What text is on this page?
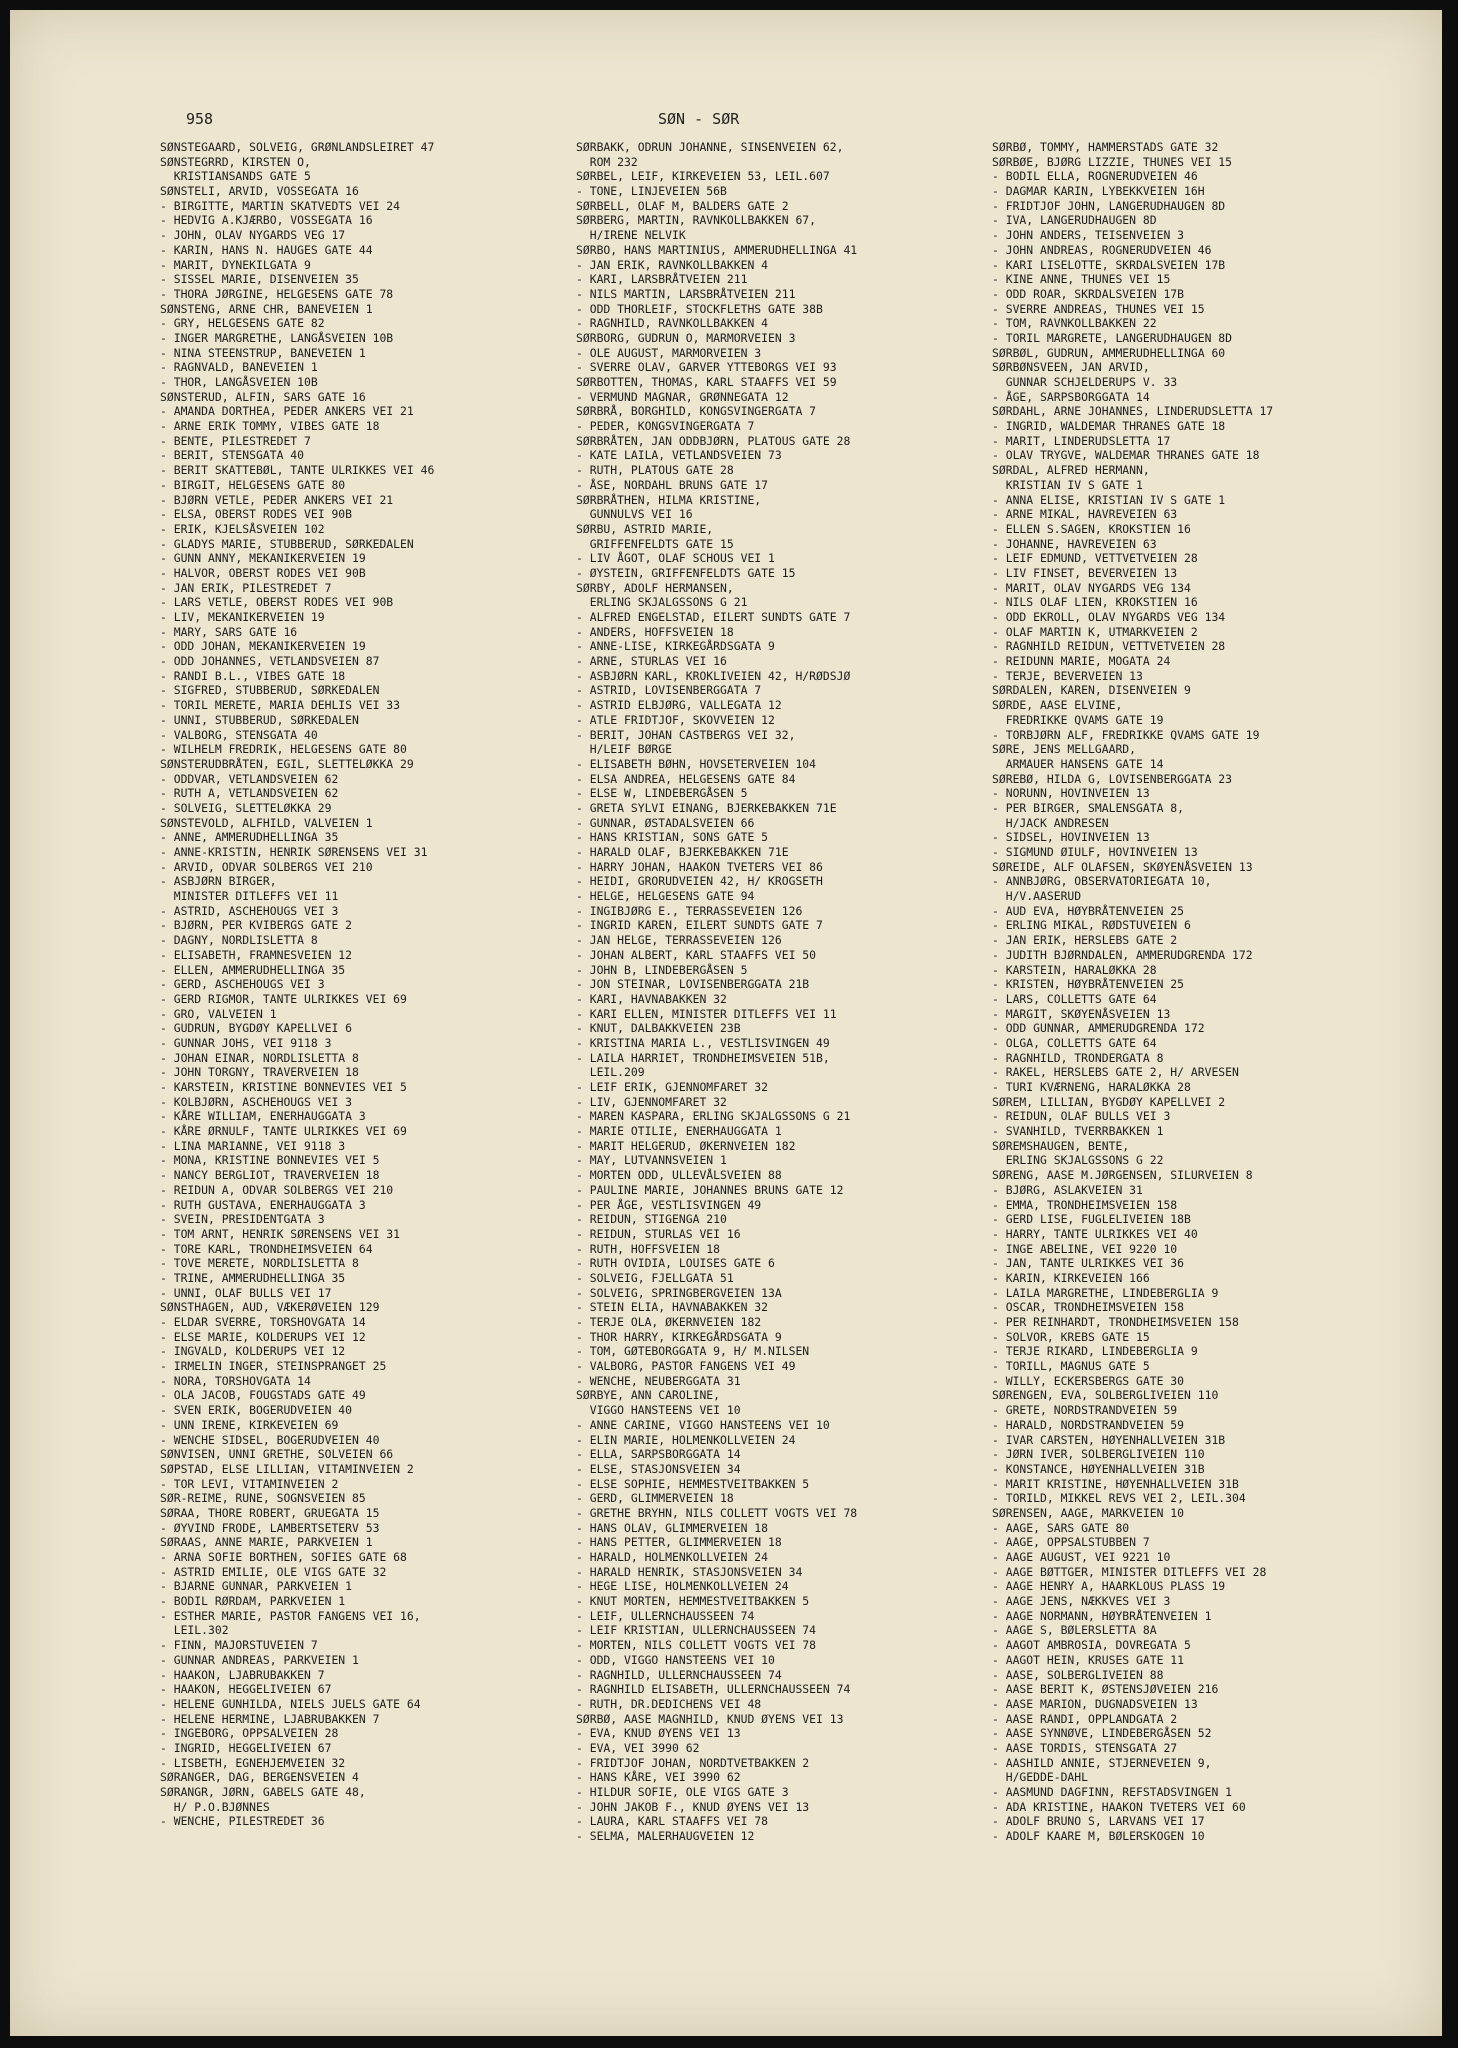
958	SØN - SØR
SØNSTEGAARD, SOLVEIG, GRØNLANDSLEIRET 47
SØNSTEGRRD, KIRSTEN O,
KRISTIANSANDS GATE 5
SØNSTELI, ARVID, VOSSEGATA 16
- BIRGITTE, MARTIN SKATVEDTS VEI 24
- HEDVIG A.KJÆRBO, VOSSEGATA 16
- JOHN, OLAV NYGARDS VEG 17
- KARIN, HANS N. HAUGES GATE 44
- MARIT, DYNEKILGATA 9
- SISSEL MARIE, DISENVEIEN 35
- THORA JØRGINE, HELGESENS GATE 78
SØNSTENG, ARNE CHR, BANEVEIEN 1
- GRY, HELGESENS GATE 82
- INGER MARGRETHE, LANGÅSVEIEN 10B
- NINA STEENSTRUP, BANEVEIEN 1
- RAGNVALD, BANEVEIEN 1
- THOR, LANGÅSVEIEN 10B
SØNSTERUD, ALFIN, SARS GATE 16
- AMANDA DORTHEA, PEDER ANKERS VEI 21
- ARNE ERIK TOMMY, VIBES GATE 18
- BENTE, PILESTREDET 7
- BERIT, STENSGATA 40
- BERIT SKATTEBØL, TANTE ULRIKKES VEI 46
- BIRGIT, HELGESENS GATE 80
- BJØRN VETLE, PEDER ANKERS VEI 21
- ELSA, OBERST RODES VEI 90B
- ERIK, KJELSÅSVEIEN 102
- GLADYS MARIE, STUBBERUD, SØRKEDALEN
- GUNN ANNY, MEKANIKERVEIEN 19
- HALVOR, OBERST RODES VEI 90B
- JAN ERIK, PILESTREDET 7
- LARS VETLE, OBERST RODES VEI 90B
- LIV, MEKANIKERVEIEN 19
- MARY, SARS GATE 16
- ODD JOHAN, MEKANIKERVEIEN 19
- ODD JOHANNES, VETLANDSVEIEN 87
- RANDI B.L., VIBES GATE 18
- SIGFRED, STUBBERUD, SØRKEDALEN
- TORIL MERETE, MARIA DEHLIS VEI 33
- UNNI, STUBBERUD, SØRKEDALEN
- VALBORG, STENSGATA 40
- WILHELM FREDRIK, HELGESENS GATE 80
SØNSTERUDBRÅTEN, EGIL, SLETTELØKKA 29
- ODDVAR, VETLANDSVEIEN 62
- RUTH A, VETLANDSVEIEN 62
- SOLVEIG, SLETTELØKKA 29
SØNSTEVOLD, ALFHILD, VALVEIEN 1
- ANNE, AMMERUDHELLINGA 35
- ANNE-KRISTIN, HENRIK SØRENSENS VEI 31
- ARVID, ODVAR SOLBERGS VEI 210
- ASBJØRN BIRGER,
MINISTER DITLEFFS VEI 11
- ASTRID, ASCHEHOUGS VEI 3
- BJØRN, PER KVIBERGS GATE 2
- DAGNY, NORDLISLETTA 8
- ELISABETH, FRAMNESVEIEN 12
- ELLEN, AMMERUDHELLINGA 35
- GERD, ASCHEHOUGS VEI 3
- GERD RIGMOR, TANTE ULRIKKES VEI 69
- GRO, VALVEIEN 1
- GUDRUN, BYGDØY KAPELLVEI 6
- GUNNAR JOHS, VEI 9118 3
- JOHAN EINAR, NORDLISLETTA 8
- JOHN TORGNY, TRAVERVEIEN 18
- KARSTEIN, KRISTINE BONNEVIES VEI 5
- KOLBJØRN, ASCHEHOUGS VEI 3
- KÅRE WILLIAM, ENERHAUGGATA 3
- KÅRE ØRNULF, TANTE ULRIKKES VEI 69
- LINA MARIANNE, VEI 9118 3
- MONA, KRISTINE BONNEVIES VEI 5
- NANCY BERGLIOT, TRAVERVEIEN 18
- REIDUN A, ODVAR SOLBERGS VEI 210
- RUTH GUSTAVA, ENERHAUGGATA 3
- SVEIN, PRESIDENTGATA 3
- TOM ARNT, HENRIK SØRENSENS VEI 31
- TORE KARL, TRONDHEIMSVEIEN 64
- TOVE MERETE, NORDLISLETTA 8
- TRINE, AMMERUDHELLINGA 35
- UNNI, OLAF BULLS VEI 17
SØNSTHAGEN, AUD, VÆKERØVEIEN 129
- ELDAR SVERRE, TORSHOVGATA 14
- ELSE MARIE, KOLDERUPS VEI 12
- INGVALD, KOLDERUPS VEI 12
- IRMELIN INGER, STEINSPRANGET 25
- NORA, TORSHOVGATA 14
- OLA JACOB, FOUGSTADS GATE 49
- SVEN ERIK, BOGERUDVEIEN 40
- UNN IRENE, KIRKEVEIEN 69
- WENCHE SIDSEL, BOGERUDVEIEN 40
SØNVISEN, UNNI GRETHE, SOLVEIEN 66
SØPSTAD, ELSE LILLIAN, VITAMINVEIEN 2
- TOR LEVI, VITAMINVEIEN 2
SØR-REIME, RUNE, SOGNSVEIEN 85
SØRAA, THORE ROBERT, GRUEGATA 15
- ØYVIND FRODE, LAMBERTSETERV 53
SØRAAS, ANNE MARIE, PARKVEIEN 1
- ARNA SOFIE BORTHEN, SOFIES GATE 68
- ASTRID EMILIE, OLE VIGS GATE 32
- BJARNE GUNNAR, PARKVEIEN 1
- BODIL RØRDAM, PARKVEIEN 1
- ESTHER MARIE, PASTOR FANGENS VEI 16,
LEIL.302
- FINN, MAJORSTUVEIEN 7
- GUNNAR ANDREAS, PARKVEIEN 1
- HAAKON, LJABRUBAKKEN 7
- HAAKON, HEGGELIVEIEN 67
- HELENE GUNHILDA, NIELS JUELS GATE 64
- HELENE HERMINE, LJABRUBAKKEN 7
- INGEBORG, OPPSALVEIEN 28
- INGRID, HEGGELIVEIEN 67
- LISBETH, EGNEHJEMVEIEN 32
SØRANGER, DAG, BERGENSVEIEN 4
SØRANGR, JØRN, GABELS GATE 48,
H/ P.O.BJØNNES
- WENCHE, PILESTREDET 36
SØRBAKK, ODRUN JOHANNE, SINSENVEIEN 62,
ROM 232
SØRBEL, LEIF, KIRKEVEIEN 53, LEIL.607
- TONE, LINJEVEIEN 56B
SØRBELL, OLAF M, BALDERS GATE 2
SØRBERG, MARTIN, RAVNKOLLBAKKEN 67,
H/IRENE NELVIK
SØRBO, HANS MARTINIUS, AMMERUDHELLINGA 41
- JAN ERIK, RAVNKOLLBAKKEN 4
- KARI, LARSBRÅTVEIEN 211
- NILS MARTIN, LARSBRÅTVEIEN 211
- ODD THORLEIF, STOCKFLETHS GATE 38B
- RAGNHILD, RAVNKOLLBAKKEN 4
SØRBORG, GUDRUN O, MARMORVEIEN 3
- OLE AUGUST, MARMORVEIEN 3
- SVERRE OLAV, GARVER YTTEBORGS VEI 93
SØRBOTTEN, THOMAS, KARL STAAFFS VEI 59
- VERMUND MAGNAR, GRØNNEGATA 12
SØRBRÅ, BORGHILD, KONGSVINGERGATA 7
- PEDER, KONGSVINGERGATA 7
SØRBRÅTEN, JAN ODDBJØRN, PLATOUS GATE 28
- KATE LAILA, VETLANDSVEIEN 73
- RUTH, PLATOUS GATE 28
- ÅSE, NORDAHL BRUNS GATE 17
SØRBRÅTHEN, HILMA KRISTINE,
GUNNULVS VEI 16
SØRBU, ASTRID MARIE,
GRIFFENFELDTS GATE 15
- LIV ÅGOT, OLAF SCHOUS VEI 1
- ØYSTEIN, GRIFFENFELDTS GATE 15
SØRBY, ADOLF HERMANSEN,
ERLING SKJALGSSONS G 21
- ALFRED ENGELSTAD, EILERT SUNDTS GATE 7
- ANDERS, HOFFSVEIEN 18
- ANNE-LISE, KIRKEGÅRDSGATA 9
- ARNE, STURLAS VEI 16
- ASBJØRN KARL, KROKLIVEIEN 42, H/RØDSJØ
- ASTRID, LOVISENBERGGATA 7
- ASTRID ELBJØRG, VALLEGATA 12
- ATLE FRIDTJOF, SKOVVEIEN 12
- BERIT, JOHAN CASTBERGS VEI 32,
H/LEIF BØRGE
- ELISABETH BØHN, HOVSETERVEIEN 104
- ELSA ANDREA, HELGESENS GATE 84
- ELSE W, LINDEBERGÅSEN 5
- GRETA SYLVI EINANG, BJERKEBAKKEN 71E
- GUNNAR, ØSTADALSVEIEN 66
- HANS KRISTIAN, SONS GATE 5
- HARALD OLAF, BJERKEBAKKEN 71E
- HARRY JOHAN, HAAKON TVETERS VEI 86
- HEIDI, GRORUDVEIEN 42, H/ KROGSETH
- HELGE, HELGESENS GATE 94
- INGIBJØRG E., TERRASSEVEIEN 126
- INGRID KAREN, EILERT SUNDTS GATE 7
- JAN HELGE, TERRASSEVEIEN 126
- JOHAN ALBERT, KARL STAAFFS VEI 50
- JOHN B, LINDEBERGÅSEN 5
- JON STEINAR, LOVISENBERGGATA 21B
- KARI, HAVNABAKKEN 32
- KARI ELLEN, MINISTER DITLEFFS VEI 11
- KNUT, DALBAKKVEIEN 23B
- KRISTINA MARIA L., VESTLISVINGEN 49
- LAILA HARRIET, TRONDHEIMSVEIEN 51B,
LEIL.209
- LEIF ERIK, GJENNOMFARET 32
- LIV, GJENNOMFARET 32
- MAREN KASPARA, ERLING SKJALGSSONS G 21
- MARIE OTILIE, ENERHAUGGATA 1
- MARIT HELGERUD, ØKERNVEIEN 182
- MAY, LUTVANNSVEIEN 1
- MORTEN ODD, ULLEVÅLSVEIEN 88
- PAULINE MARIE, JOHANNES BRUNS GATE 12
- PER ÅGE, VESTLISVINGEN 49
- REIDUN, STIGENGA 210
- REIDUN, STURLAS VEI 16
- RUTH, HOFFSVEIEN 18
- RUTH OVIDIA, LOUISES GATE 6
- SOLVEIG, FJELLGATA 51
- SOLVEIG, SPRINGBERGVEIEN 13A
- STEIN ELIA, HAVNABAKKEN 32
- TERJE OLA, ØKERNVEIEN 182
- THOR HARRY, KIRKEGÅRDSGATA 9
- TOM, GØTEBORGGATA 9, H/ M.NILSEN
- VALBORG, PASTOR FANGENS VEI 49
- WENCHE, NEUBERGGATA 31
SØRBYE, ANN CAROLINE,
VIGGO HANSTEENS VEI 10
- ANNE CARINE, VIGGO HANSTEENS VEI 10
- ELIN MARIE, HOLMENKOLLVEIEN 24
- ELLA, SARPSBORGGATA 14
- ELSE, STASJONSVEIEN 34
- ELSE SOPHIE, HEMMESTVEITBAKKEN 5
- GERD, GLIMMERVEIEN 18
- GRETHE BRYHN, NILS COLLETT VOGTS VEI 78
- HANS OLAV, GLIMMERVEIEN 18
- HANS PETTER, GLIMMERVEIEN 18
- HARALD, HOLMENKOLLVEIEN 24
- HARALD HENRIK, STASJONSVEIEN 34
- HEGE LISE, HOLMENKOLLVEIEN 24
- KNUT MORTEN, HEMMESTVEITBAKKEN 5
- LEIF, ULLERNCHAUSSEEN 74
- LEIF KRISTIAN, ULLERNCHAUSSEEN 74
- MORTEN, NILS COLLETT VOGTS VEI 78
- ODD, VIGGO HANSTEENS VEI 10
- RAGNHILD, ULLERNCHAUSSEEN 74
- RAGNHILD ELISABETH, ULLERNCHAUSSEEN 74
- RUTH, DR.DEDICHENS VEI 48
SØRBØ, AASE MAGNHILD, KNUD ØYENS VEI 13
- EVA, KNUD ØYENS VEI 13
- EVA, VEI 3990 62
- FRIDTJOF JOHAN, NORDTVETBAKKEN 2
- HANS KÅRE, VEI 3990 62
- HILDUR SOFIE, OLE VIGS GATE 3
- JOHN JAKOB F., KNUD ØYENS VEI 13
- LAURA, KARL STAAFFS VEI 78
- SELMA, MALERHAUGVEIEN 12
SØRBØ, TOMMY, HAMMERSTADS GATE 32
SØRBØE, BJØRG LIZZIE, THUNES VEI 15
- BODIL ELLA, ROGNERUDVEIEN 46
- DAGMAR KARIN, LYBEKKVEIEN 16H
- FRIDTJOF JOHN, LANGERUDHAUGEN 8D
- IVA, LANGERUDHAUGEN 8D
- JOHN ANDERS, TEISENVEIEN 3
- JOHN ANDREAS, ROGNERUDVEIEN 46
- KARI LISELOTTE, SKRDALSVEIEN 17B
- KINE ANNE, THUNES VEI 15
- ODD ROAR, SKRDALSVEIEN 17B
- SVERRE ANDREAS, THUNES VEI 15
- TOM, RAVNKOLLBAKKEN 22
- TORIL MARGRETE, LANGERUDHAUGEN 8D
SØRBØL, GUDRUN, AMMERUDHELLINGA 60
SØRBØNSVEEN, JAN ARVID,
GUNNAR SCHJELDERUPS V. 33
- ÅGE, SARPSBORGGATA 14
SØRDAHL, ARNE JOHANNES, LINDERUDSLETTA 17
- INGRID, WALDEMAR THRANES GATE 18
- MARIT, LINDERUDSLETTA 17
- OLAV TRYGVE, WALDEMAR THRANES GATE 18
SØRDAL, ALFRED HERMANN,
KRISTIAN IV S GATE 1
- ANNA ELISE, KRISTIAN IV S GATE 1
- ARNE MIKAL, HAVREVEIEN 63
- ELLEN S.SAGEN, KROKSTIEN 16
- JOHANNE, HAVREVEIEN 63
- LEIF EDMUND, VETTVETVEIEN 28
- LIV FINSET, BEVERVEIEN 13
- MARIT, OLAV NYGARDS VEG 134
- NILS OLAF LIEN, KROKSTIEN 16
- ODD EKROLL, OLAV NYGARDS VEG 134
- OLAF MARTIN K, UTMARKVEIEN 2
- RAGNHILD REIDUN, VETTVETVEIEN 28
- REIDUNN MARIE, MOGATA 24
- TERJE, BEVERVEIEN 13
SØRDALEN, KAREN, DISENVEIEN 9
SØRDE, AASE ELVINE,
FREDRIKKE QVAMS GATE 19
- TORBJØRN ALF, FREDRIKKE QVAMS GATE 19
SØRE, JENS MELLGAARD,
ARMAUER HANSENS GATE 14
SØREBØ, HILDA G, LOVISENBERGGATA 23
- NORUNN, HOVINVEIEN 13
- PER BIRGER, SMALENSGATA 8,
H/JACK ANDRESEN
- SIDSEL, HOVINVEIEN 13
- SIGMUND ØIULF, HOVINVEIEN 13
SØREIDE, ALF OLAFSEN, SKØYENÅSVEIEN 13
- ANNBJØRG, OBSERVATORIEGATA 10,
H/V.AASERUD
- AUD EVA, HØYBRÅTENVEIEN 25
- ERLING MIKAL, RØDSTUVEIEN 6
- JAN ERIK, HERSLEBS GATE 2
- JUDITH BJØRNDALEN, AMMERUDGRENDA 172
- KARSTEIN, HARALØKKA 28
- KRISTEN, HØYBRÅTENVEIEN 25
- LARS, COLLETTS GATE 64
- MARGIT, SKØYENÅSVEIEN 13
- ODD GUNNAR, AMMERUDGRENDA 172
- OLGA, COLLETTS GATE 64
- RAGNHILD, TRONDERGATA 8
- RAKEL, HERSLEBS GATE 2, H/ ARVESEN
- TURI KVÆRNENG, HARALØKKA 28
SØREM, LILLIAN, BYGDØY KAPELLVEI 2
- REIDUN, OLAF BULLS VEI 3
- SVANHILD, TVERRBAKKEN 1
SØREMSHAUGEN, BENTE,
ERLING SKJALGSSONS G 22
SØRENG, AASE M.JØRGENSEN, SILURVEIEN 8
- BJØRG, ASLAKVEIEN 31
- EMMA, TRONDHEIMSVEIEN 158
- GERD LISE, FUGLELIVEIEN 18B
- HARRY, TANTE ULRIKKES VEI 40
- INGE ABELINE, VEI 9220 10
- JAN, TANTE ULRIKKES VEI 36
- KARIN, KIRKEVEIEN 166
- LAILA MARGRETHE, LINDEBERGLIA 9
- OSCAR, TRONDHEIMSVEIEN 158
- PER REINHARDT, TRONDHEIMSVEIEN 158
- SOLVOR, KREBS GATE 15
- TERJE RIKARD, LINDEBERGLIA 9
- TORILL, MAGNUS GATE 5
- WILLY, ECKERSBERGS GATE 30
SØRENGEN, EVA, SOLBERGLIVEIEN 110
- GRETE, NORDSTRANDVEIEN 59
- HARALD, NORDSTRANDVEIEN 59
- IVAR CARSTEN, HØYENHALLVEIEN 31B
- JØRN IVER, SOLBERGLIVEIEN 110
- KONSTANCE, HØYENHALLVEIEN 31B
- MARIT KRISTINE, HØYENHALLVEIEN 31B
- TORILD, MIKKEL REVS VEI 2, LEIL.304
SØRENSEN, AAGE, MARKVEIEN 10
- AAGE, SARS GATE 80
- AAGE, OPPSALSTUBBEN 7
- AAGE AUGUST, VEI 9221 10
- AAGE BØTTGER, MINISTER DITLEFFS VEI 28
- AAGE HENRY A, HAARKLOUS PLASS 19
- AAGE JENS, NÆKKVES VEI 3
- AAGE NORMANN, HØYBRÅTENVEIEN 1
- AAGE S, BØLERSLETTA 8A
- AAGOT AMBROSIA, DOVREGATA 5
- AAGOT HEIN, KRUSES GATE 11
- AASE, SOLBERGLIVEIEN 88
- AASE BERIT K, ØSTENSJØVEIEN 216
- AASE MARION, DUGNADSVEIEN 13
- AASE RANDI, OPPLANDGATA 2
- AASE SYNNØVE, LINDEBERGÅSEN 52
- AASE TORDIS, STENSGATA 27
- AASHILD ANNIE, STJERNEVEIEN 9,
H/GEDDE-DAHL
- AASMUND DAGFINN, REFSTADSVINGEN 1
- ADA KRISTINE, HAAKON TVETERS VEI 60
- ADOLF BRUNO S, LARVANS VEI 17
- ADOLF KAARE M, BØLERSKOGEN 10
